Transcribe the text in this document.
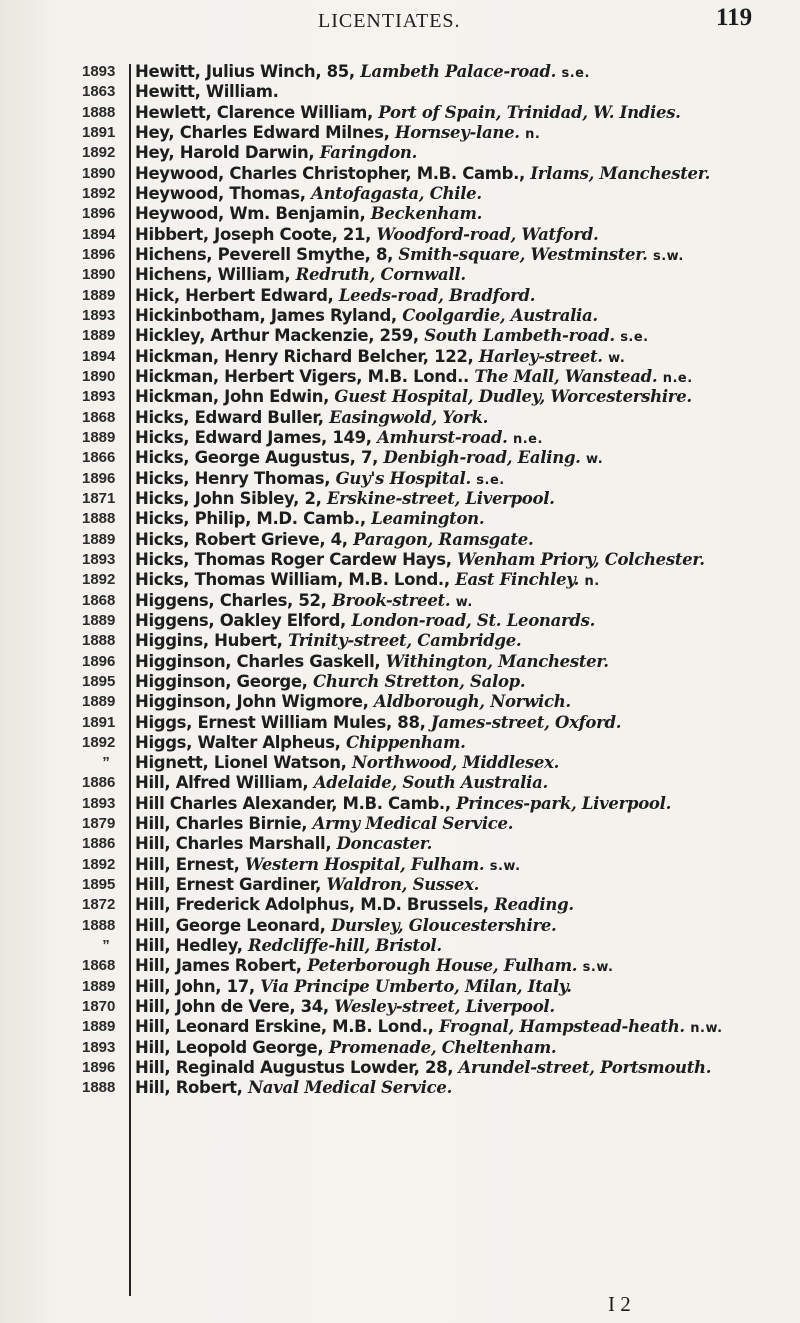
LICENTIATES.	119
1893	Hewitt, Julius Winch, 85, Lambeth Palace-road. s.e.
1863	Hewitt, William.
1888	Hewlett, Clarence William, Port of Spain, Trinidad, W. Indies.
1891	Hey, Charles Edward Milnes, Hornsey-lane. n.
1892	Hey, Harold Darwin, Faringdon.
1890	Heywood, Charles Christopher, M.B. Camb., Irlams, Manchester.
1892	Heywood, Thomas, Antofagasta, Chile.
1896	Heywood, Wm. Benjamin, Beckenham.
1894	Hibbert, Joseph Coote, 21, Woodford-road, Watford.
1896	Hichens, Peverell Smythe, 8, Smith-square, Westminster. s.w.
1890	Hichens, William, Redruth, Cornwall.
1889	Hick, Herbert Edward, Leeds-road, Bradford.
1893	Hickinbotham, James Ryland, Coolgardie, Australia.
1889	Hickley, Arthur Mackenzie, 259, South Lambeth-road. s.e.
1894	Hickman, Henry Richard Belcher, 122, Harley-street. w.
1890	Hickman, Herbert Vigers, M.B. Lond.. The Mall, Wanstead. n.e.
1893	Hickman, John Edwin, Guest Hospital, Dudley, Worcestershire.
1868	Hicks, Edward Buller, Easingwold, York.
1889	Hicks, Edward James, 149, Amhurst-road. n.e.
1866	Hicks, George Augustus, 7, Denbigh-road, Ealing. w.
1896	Hicks, Henry Thomas, Guy's Hospital. s.e.
1871	Hicks, John Sibley, 2, Erskine-street, Liverpool.
1888	Hicks, Philip, M.D. Camb., Leamington.
1889	Hicks, Robert Grieve, 4, Paragon, Ramsgate.
1893	Hicks, Thomas Roger Cardew Hays, Wenham Priory, Colchester.
1892	Hicks, Thomas William, M.B. Lond., East Finchley. n.
1868	Higgens, Charles, 52, Brook-street. w.
1889	Higgens, Oakley Elford, London-road, St. Leonards.
1888	Higgins, Hubert, Trinity-street, Cambridge.
1896	Higginson, Charles Gaskell, Withington, Manchester.
1895	Higginson, George, Church Stretton, Salop.
1889	Higginson, John Wigmore, Aldborough, Norwich.
1891	Higgs, Ernest William Mules, 88, James-street, Oxford.
1892	Higgs, Walter Alpheus, Chippenham.
”	Hignett, Lionel Watson, Northwood, Middlesex.
1886	Hill, Alfred William, Adelaide, South Australia.
1893	Hill Charles Alexander, M.B. Camb., Princes-park, Liverpool.
1879	Hill, Charles Birnie, Army Medical Service.
1886	Hill, Charles Marshall, Doncaster.
1892	Hill, Ernest, Western Hospital, Fulham. s.w.
1895	Hill, Ernest Gardiner, Waldron, Sussex.
1872	Hill, Frederick Adolphus, M.D. Brussels, Reading.
1888	Hill, George Leonard, Dursley, Gloucestershire.
”	Hill, Hedley, Redcliffe-hill, Bristol.
1868	Hill, James Robert, Peterborough House, Fulham. s.w.
1889	Hill, John, 17, Via Principe Umberto, Milan, Italy.
1870	Hill, John de Vere, 34, Wesley-street, Liverpool.
1889	Hill, Leonard Erskine, M.B. Lond., Frognal, Hampstead-heath. n.w.
1893	Hill, Leopold George, Promenade, Cheltenham.
1896	Hill, Reginald Augustus Lowder, 28, Arundel-street, Portsmouth.
1888	Hill, Robert, Naval Medical Service.
I 2
